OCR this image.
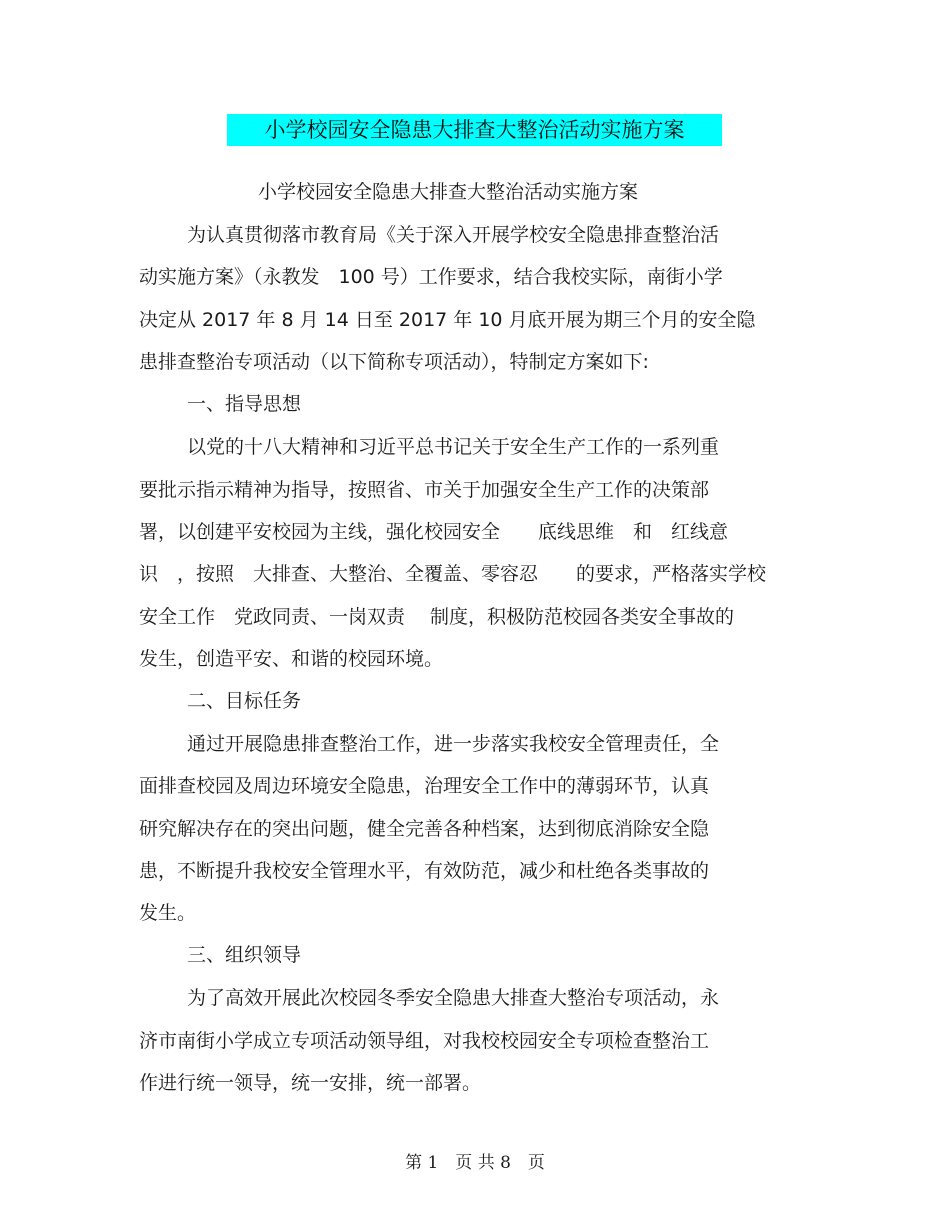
小学校园安全隐患大排查大整治活动实施方案
小学校园安全隐患大排查大整治活动实施方案
为认真贯彻落市教育局《关于深入开展学校安全隐患排查整治活
动实施方案》（永教发　100 号）工作要求，结合我校实际，南街小学
决定从 2017 年 8 月 14 日至 2017 年 10 月底开展为期三个月的安全隐
患排查整治专项活动（以下简称专项活动），特制定方案如下:
一、指导思想
以党的十八大精神和习近平总书记关于安全生产工作的一系列重
要批示指示精神为指导，按照省、市关于加强安全生产工作的决策部
署，以创建平安校园为主线，强化校园安全　　底线思维　和　红线意
识　，按照　大排查、大整治、全覆盖、零容忍　　的要求，严格落实学校
安全工作　党政同责、一岗双责　 制度，积极防范校园各类安全事故的
发生，创造平安、和谐的校园环境。
二、目标任务
通过开展隐患排查整治工作，进一步落实我校安全管理责任，全
面排查校园及周边环境安全隐患，治理安全工作中的薄弱环节，认真
研究解决存在的突出问题，健全完善各种档案，达到彻底消除安全隐
患，不断提升我校安全管理水平，有效防范，减少和杜绝各类事故的
发生。
三、组织领导
为了高效开展此次校园冬季安全隐患大排查大整治专项活动，永
济市南街小学成立专项活动领导组，对我校校园安全专项检查整治工
作进行统一领导，统一安排，统一部署。
第 1　页 共 8　页
